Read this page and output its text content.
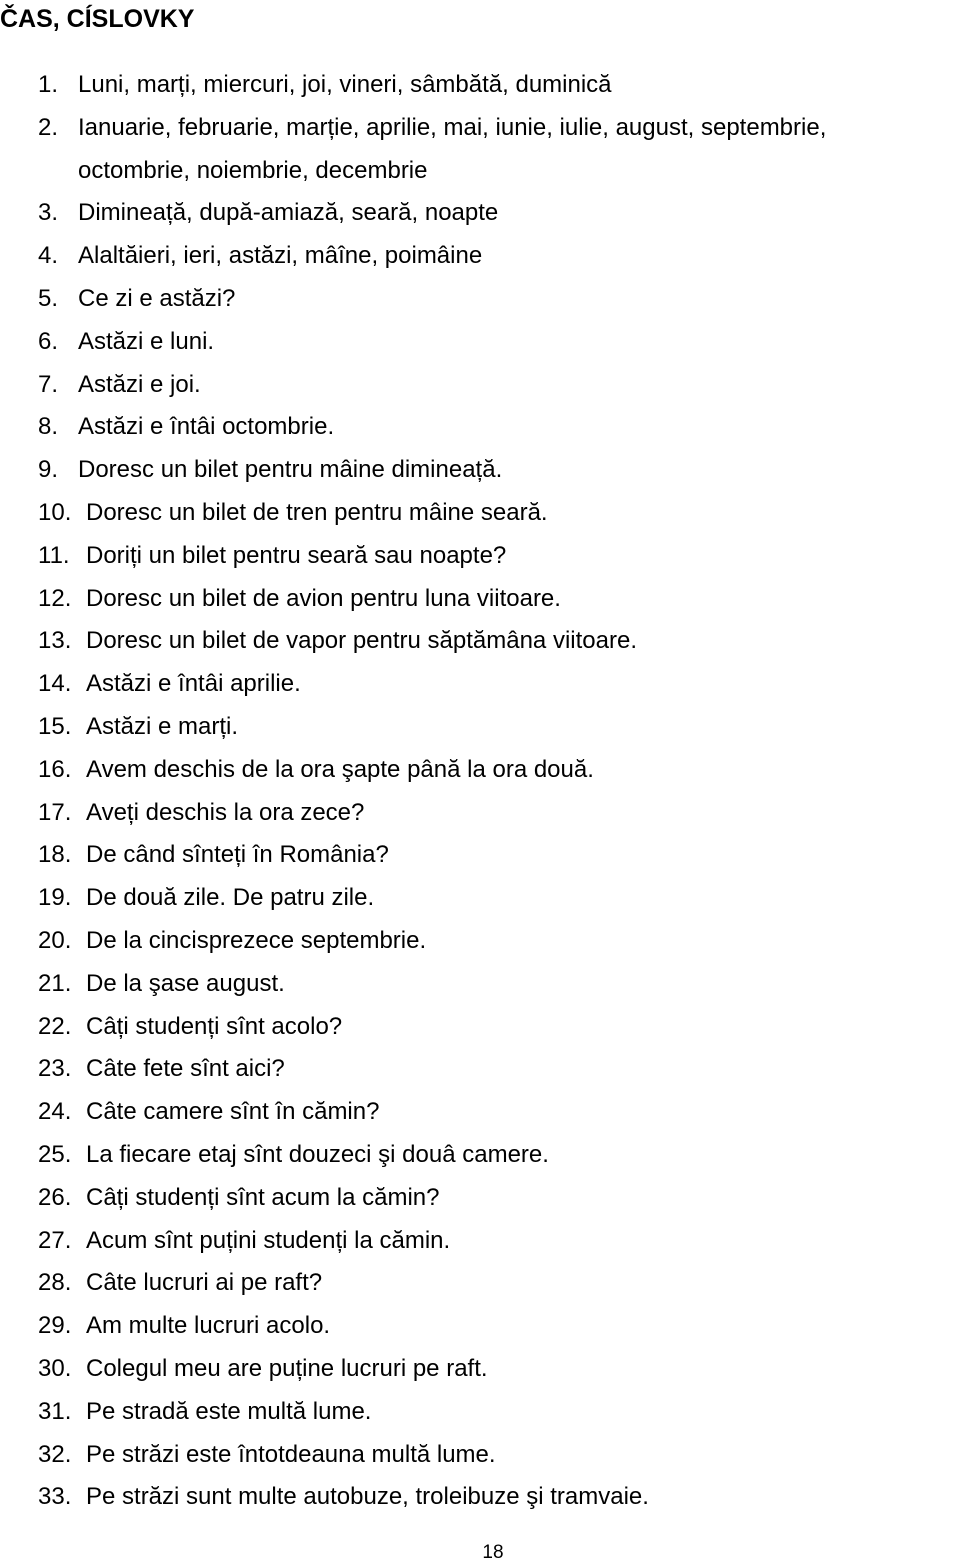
ČAS, CÍSLOVKY
1. Luni, marți, miercuri, joi, vineri, sâmbătă, duminică
2. Ianuarie, februarie, marție, aprilie, mai, iunie, iulie, august, septembrie,
octombrie, noiembrie, decembrie
3. Dimineață, după-amiază, seară, noapte
4. Alaltăieri, ieri, astăzi, mâîne, poimâine
5. Ce zi e astăzi?
6. Astăzi e luni.
7. Astăzi e joi.
8. Astăzi e întâi octombrie.
9. Doresc un bilet pentru mâine dimineață.
10. Doresc un bilet de tren pentru mâine seară.
11. Doriți un bilet pentru seară sau noapte?
12. Doresc un bilet de avion pentru luna viitoare.
13. Doresc un bilet de vapor pentru săptămâna viitoare.
14. Astăzi e întâi aprilie.
15. Astăzi e marți.
16. Avem deschis de la ora şapte până la ora două.
17. Aveți deschis la ora zece?
18. De când sînteți în România?
19. De două zile. De patru zile.
20. De la cincisprezece septembrie.
21. De la şase august.
22. Câți studenți sînt acolo?
23. Câte fete sînt aici?
24. Câte camere sînt în cămin?
25. La fiecare etaj sînt douzeci şi douâ camere.
26. Câți studenți sînt acum la cămin?
27. Acum sînt puțini studenți la cămin.
28. Câte lucruri ai pe raft?
29. Am multe lucruri acolo.
30. Colegul meu are puține lucruri pe raft.
31. Pe stradă este multă lume.
32. Pe străzi este întotdeauna multă lume.
33. Pe străzi sunt multe autobuze, troleibuze şi tramvaie.
18
